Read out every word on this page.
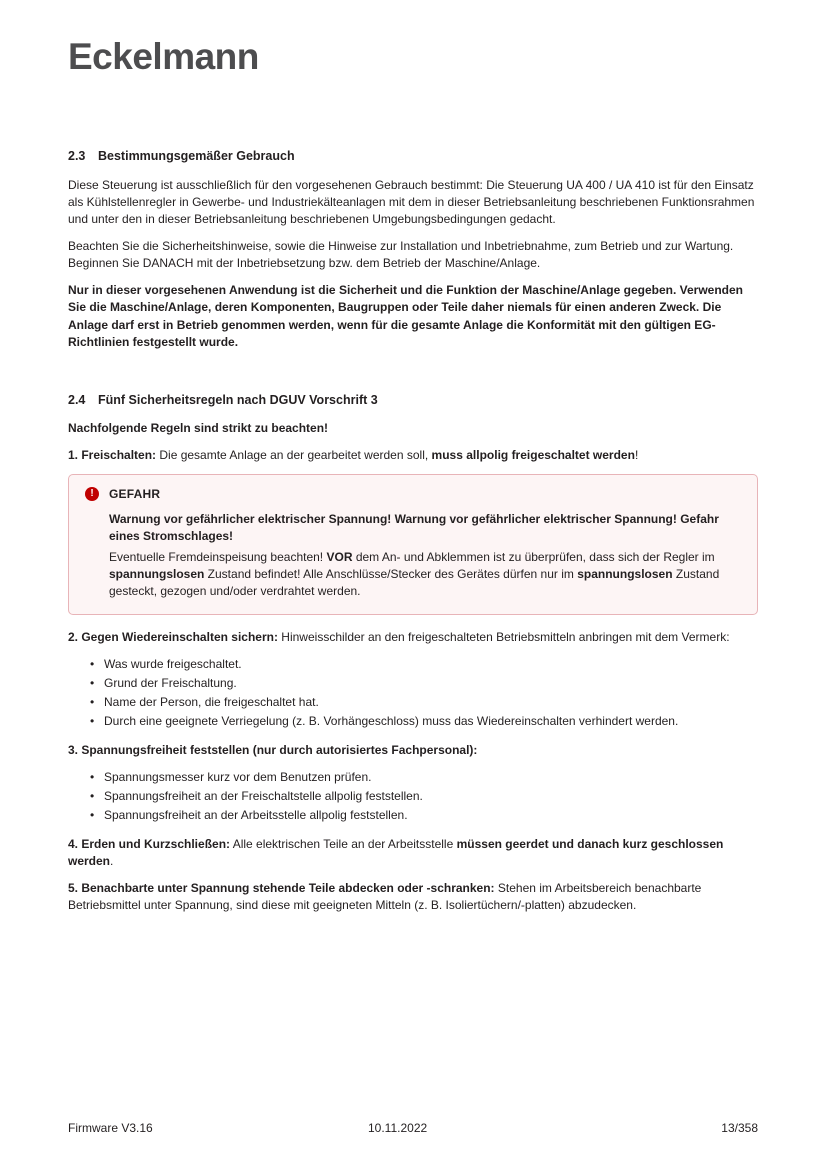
Eckelmann
2.3 Bestimmungsgemäßer Gebrauch

Diese Steuerung ist ausschließlich für den vorgesehenen Gebrauch bestimmt: Die Steuerung UA 400 / UA 410 ist für den Einsatz als Kühlstellenregler in Gewerbe- und Industriekälteanlagen mit dem in dieser Betriebsanleitung beschriebenen Funktionsrahmen und unter den in dieser Betriebsanleitung beschriebenen Umgebungsbedingungen gedacht.

Beachten Sie die Sicherheitshinweise, sowie die Hinweise zur Installation und Inbetriebnahme, zum Betrieb und zur Wartung. Beginnen Sie DANACH mit der Inbetriebsetzung bzw. dem Betrieb der Maschine/Anlage.

Nur in dieser vorgesehenen Anwendung ist die Sicherheit und die Funktion der Maschine/Anlage gegeben. Verwenden Sie die Maschine/Anlage, deren Komponenten, Baugruppen oder Teile daher niemals für einen anderen Zweck. Die Anlage darf erst in Betrieb genommen werden, wenn für die gesamte Anlage die Konformität mit den gültigen EG-Richtlinien festgestellt wurde.

2.4 Fünf Sicherheitsregeln nach DGUV Vorschrift 3

Nachfolgende Regeln sind strikt zu beachten!

1. Freischalten: Die gesamte Anlage an der gearbeitet werden soll, muss allpolig freigeschaltet werden!

!	GEFAHR

Warnung vor gefährlicher elektrischer Spannung! Warnung vor gefährlicher elektrischer Spannung! Gefahr eines Stromschlages!

Eventuelle Fremdeinspeisung beachten! VOR dem An- und Abklemmen ist zu überprüfen, dass sich der Regler im spannungslosen Zustand befindet! Alle Anschlüsse/Stecker des Gerätes dürfen nur im spannungslosen Zustand gesteckt, gezogen und/oder verdrahtet werden.

2. Gegen Wiedereinschalten sichern: Hinweisschilder an den freigeschalteten Betriebsmitteln anbringen mit dem Vermerk:

• Was wurde freigeschaltet.
• Grund der Freischaltung.
• Name der Person, die freigeschaltet hat.
• Durch eine geeignete Verriegelung (z. B. Vorhängeschloss) muss das Wiedereinschalten verhindert werden.

3. Spannungsfreiheit feststellen (nur durch autorisiertes Fachpersonal):

• Spannungsmesser kurz vor dem Benutzen prüfen.
• Spannungsfreiheit an der Freischaltstelle allpolig feststellen.
• Spannungsfreiheit an der Arbeitsstelle allpolig feststellen.

4. Erden und Kurzschließen: Alle elektrischen Teile an der Arbeitsstelle müssen geerdet und danach kurz geschlossen werden.

5. Benachbarte unter Spannung stehende Teile abdecken oder -schranken: Stehen im Arbeitsbereich benachbarte Betriebsmittel unter Spannung, sind diese mit geeigneten Mitteln (z. B. Isoliertüchern/-platten) abzudecken.

Firmware V3.16	10.11.2022	13/358
